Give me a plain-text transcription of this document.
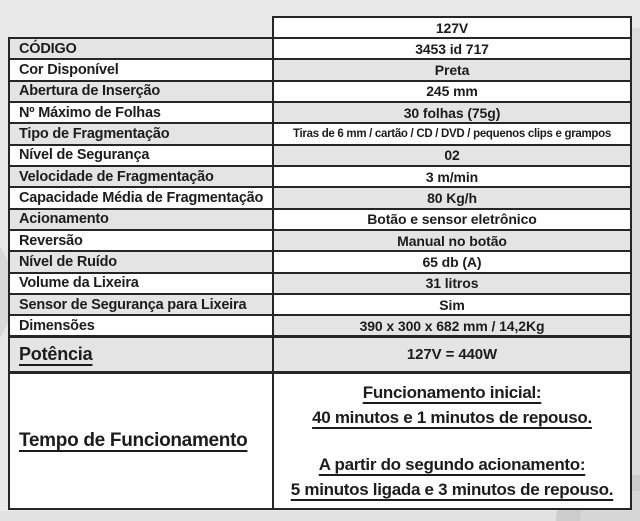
CÓDIGO
Cor Disponível
Abertura de Inserção
Nº Máximo de Folhas
Tipo de Fragmentação
Nível de Segurança
Velocidade de Fragmentação
Capacidade Média de Fragmentação
Acionamento
Reversão
Nível de Ruído
Volume da Lixeira
Sensor de Segurança para Lixeira
Dimensões
Potência
Tempo de Funcionamento
127V
3453 id 717
Preta
245 mm
30 folhas (75g)
Tiras de 6 mm / cartão / CD / DVD / pequenos clips e grampos
02
3 m/min
80 Kg/h
Botão e sensor eletrônico
Manual no botão
65 db (A)
31 litros
Sim
390 x 300 x 682 mm / 14,2Kg
127V = 440W
Funcionamento inicial:
40 minutos e 1 minutos de repouso.
A partir do segundo acionamento:
5 minutos ligada e 3 minutos de repouso.
